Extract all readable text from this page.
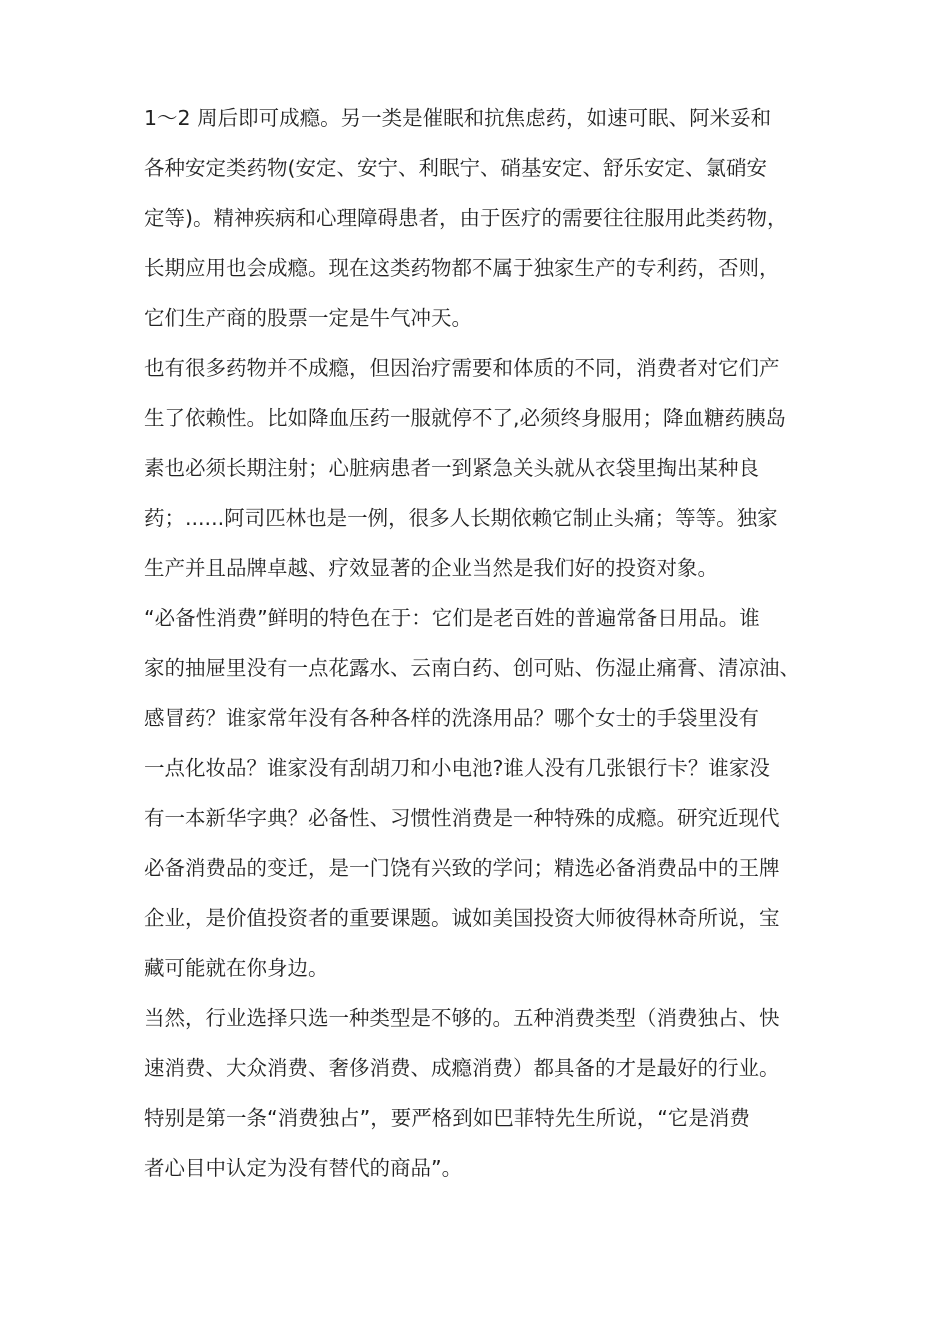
1～2 周后即可成瘾。另一类是催眠和抗焦虑药，如速可眠、阿米妥和
各种安定类药物(安定、安宁、利眠宁、硝基安定、舒乐安定、氯硝安
定等)。精神疾病和心理障碍患者，由于医疗的需要往往服用此类药物，
长期应用也会成瘾。现在这类药物都不属于独家生产的专利药，否则，
它们生产商的股票一定是牛气冲天。
也有很多药物并不成瘾，但因治疗需要和体质的不同，消费者对它们产
生了依赖性。比如降血压药一服就停不了,必须终身服用；降血糖药胰岛
素也必须长期注射；心脏病患者一到紧急关头就从衣袋里掏出某种良
药；......阿司匹林也是一例，很多人长期依赖它制止头痛；等等。独家
生产并且品牌卓越、疗效显著的企业当然是我们好的投资对象。
“必备性消费”鲜明的特色在于：它们是老百姓的普遍常备日用品。谁
家的抽屉里没有一点花露水、云南白药、创可贴、伤湿止痛膏、清凉油、
感冒药？谁家常年没有各种各样的洗涤用品？哪个女士的手袋里没有
一点化妆品？谁家没有刮胡刀和小电池?谁人没有几张银行卡？谁家没
有一本新华字典？必备性、习惯性消费是一种特殊的成瘾。研究近现代
必备消费品的变迁，是一门饶有兴致的学问；精选必备消费品中的王牌
企业，是价值投资者的重要课题。诚如美国投资大师彼得林奇所说，宝
藏可能就在你身边。
当然，行业选择只选一种类型是不够的。五种消费类型（消费独占、快
速消费、大众消费、奢侈消费、成瘾消费）都具备的才是最好的行业。
特别是第一条“消费独占”，要严格到如巴菲特先生所说，“它是消费
者心目中认定为没有替代的商品”。
